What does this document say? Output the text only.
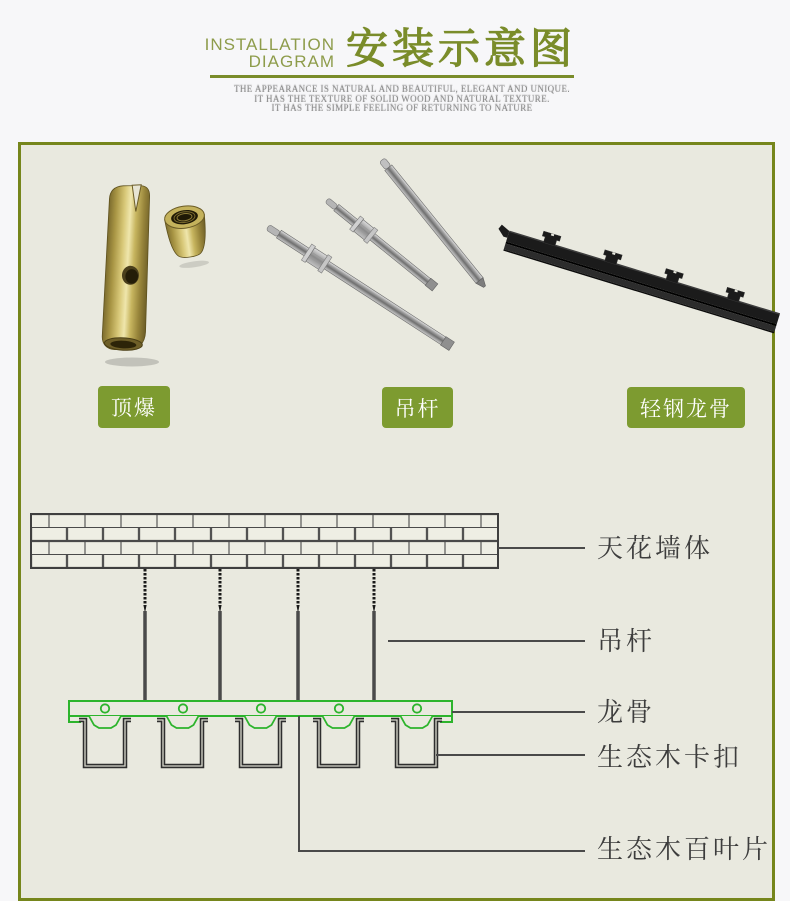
INSTALLATION
DIAGRAM 安装示意图
THE APPEARANCE IS NATURAL AND BEAUTIFUL, ELEGANT AND UNIQUE.
IT HAS THE TEXTURE OF SOLID WOOD AND NATURAL TEXTURE.
IT HAS THE SIMPLE FEELING OF RETURNING TO NATURE
顶爆	吊杆	轻钢龙骨
天花墙体
吊杆
龙骨
生态木卡扣
生态木百叶片
